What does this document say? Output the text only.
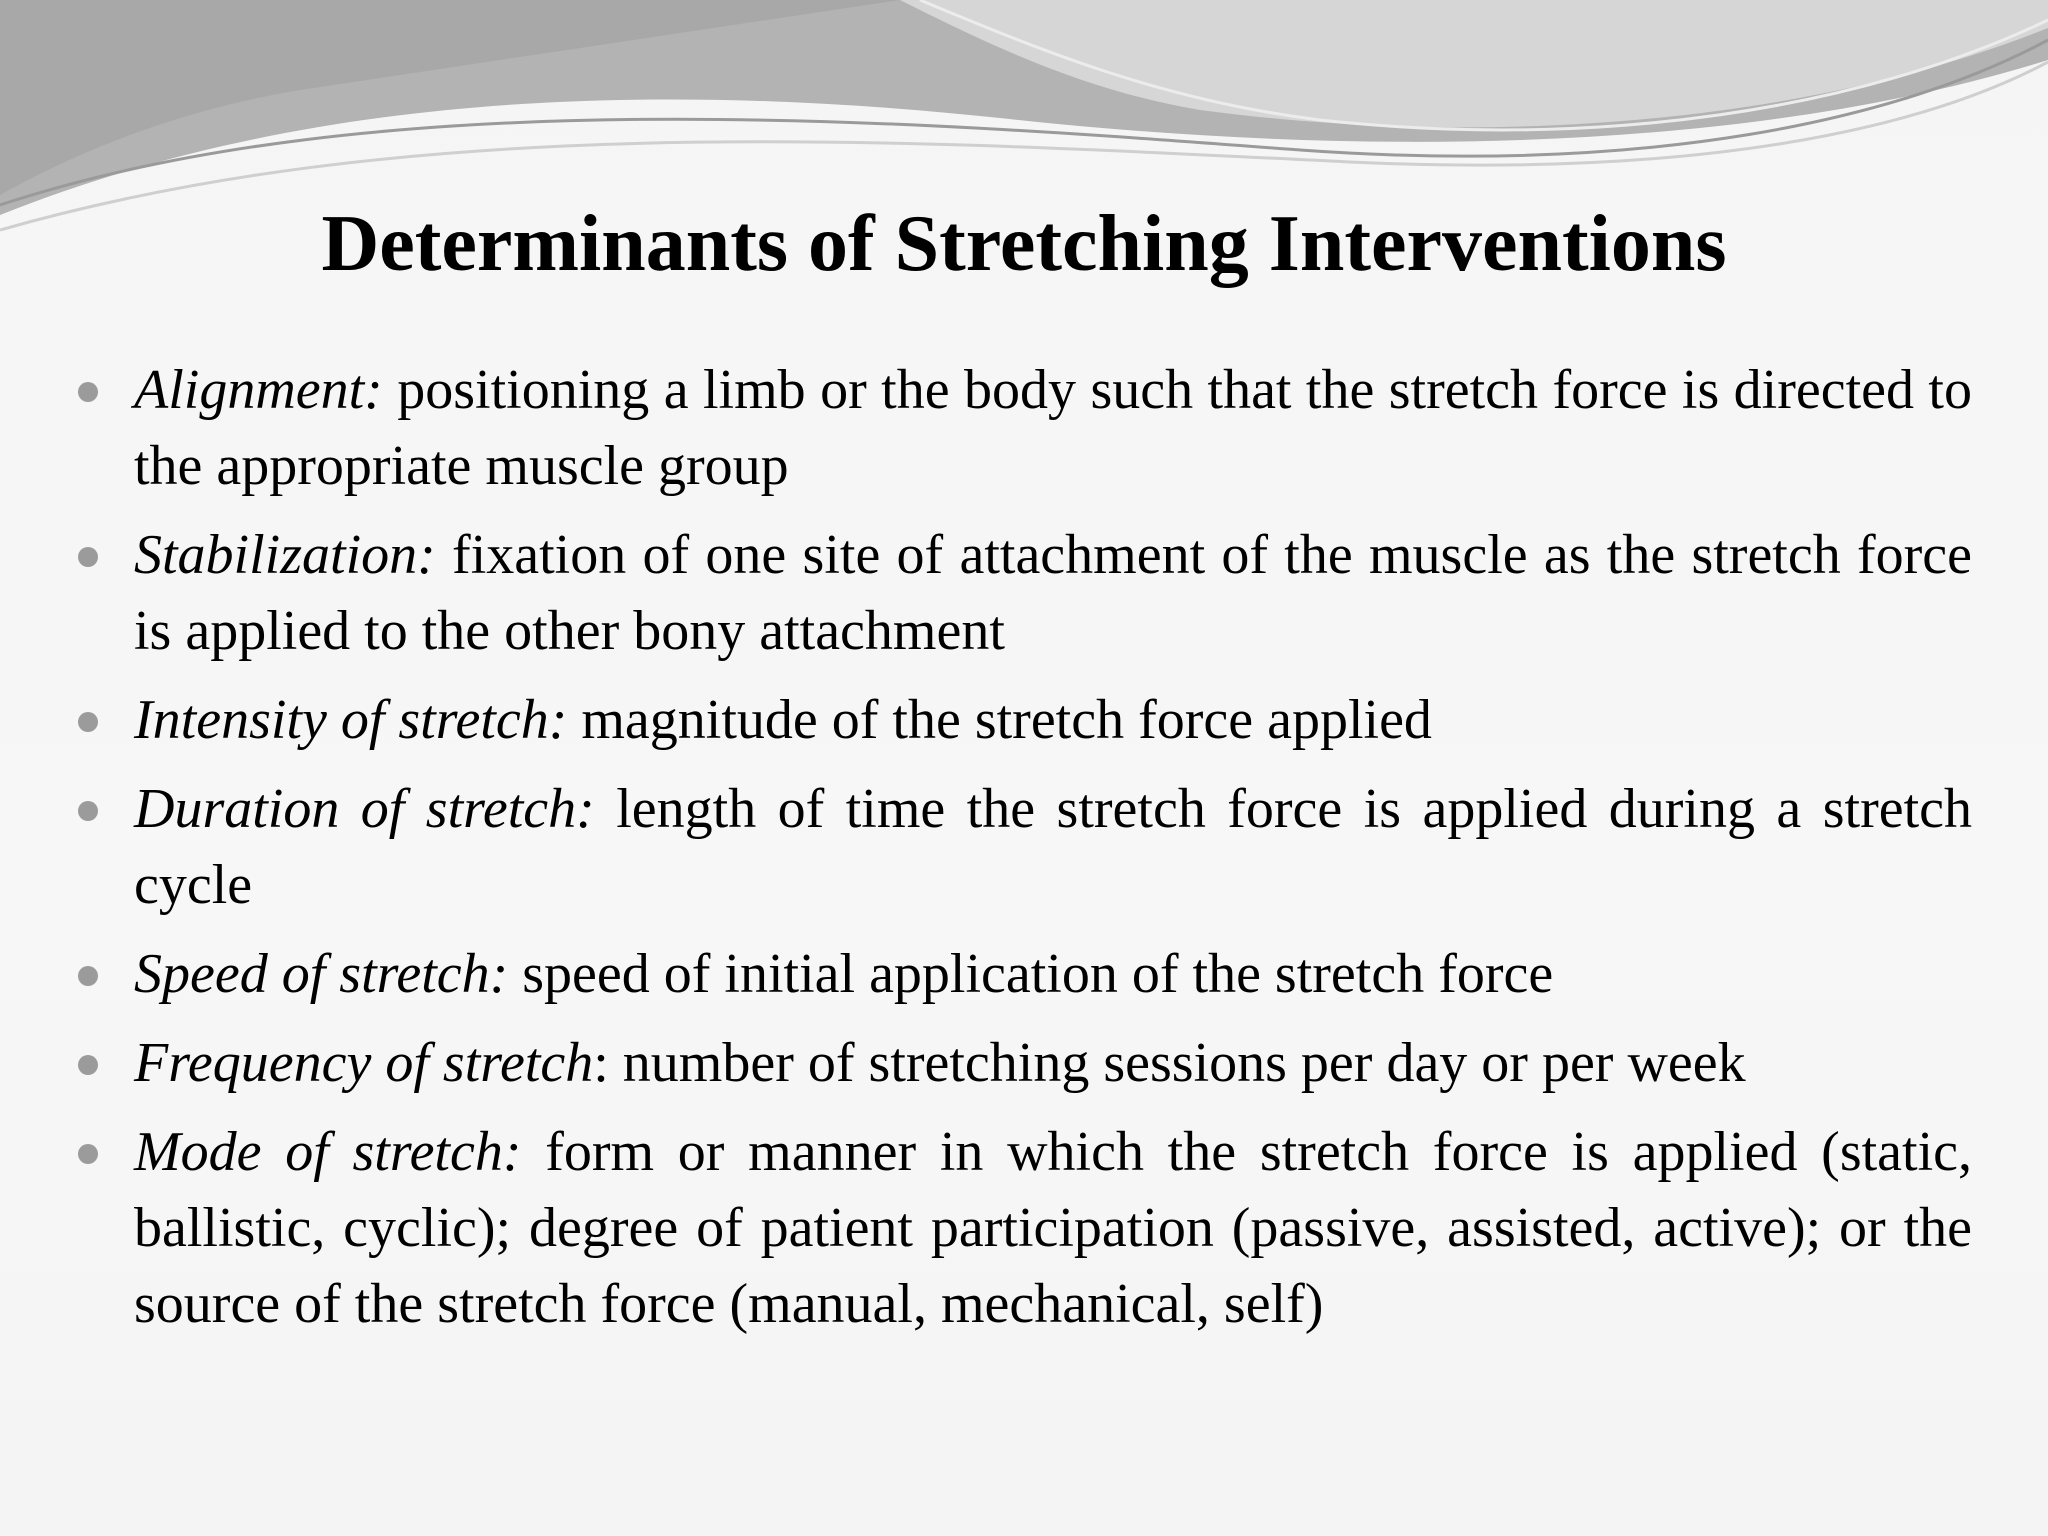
Determinants of Stretching Interventions
Alignment: positioning a limb or the body such that the stretch force is directed to the appropriate muscle group
Stabilization: fixation of one site of attachment of the muscle as the stretch force is applied to the other bony attachment
Intensity of stretch: magnitude of the stretch force applied
Duration of stretch: length of time the stretch force is applied during a stretch cycle
Speed of stretch: speed of initial application of the stretch force
Frequency of stretch: number of stretching sessions per day or per week
Mode of stretch: form or manner in which the stretch force is applied (static, ballistic, cyclic); degree of patient participation (passive, assisted, active); or the source of the stretch force (manual, mechanical, self)
